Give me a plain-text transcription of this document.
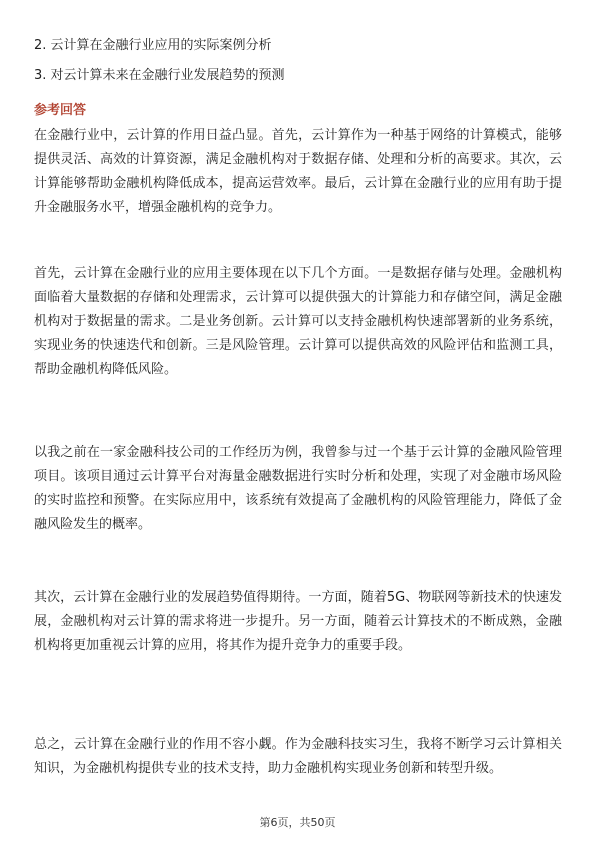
2. 云计算在金融行业应用的实际案例分析
3. 对云计算未来在金融行业发展趋势的预测
参考回答

在金融行业中，云计算的作用日益凸显。首先，云计算作为一种基于网络的计算模式，能够提供灵活、高效的计算资源，满足金融机构对于数据存储、处理和分析的高要求。其次，云计算能够帮助金融机构降低成本，提高运营效率。最后，云计算在金融行业的应用有助于提升金融服务水平，增强金融机构的竞争力。

首先，云计算在金融行业的应用主要体现在以下几个方面。一是数据存储与处理。金融机构面临着大量数据的存储和处理需求，云计算可以提供强大的计算能力和存储空间，满足金融机构对于数据量的需求。二是业务创新。云计算可以支持金融机构快速部署新的业务系统，实现业务的快速迭代和创新。三是风险管理。云计算可以提供高效的风险评估和监测工具，帮助金融机构降低风险。

以我之前在一家金融科技公司的工作经历为例，我曾参与过一个基于云计算的金融风险管理项目。该项目通过云计算平台对海量金融数据进行实时分析和处理，实现了对金融市场风险的实时监控和预警。在实际应用中，该系统有效提高了金融机构的风险管理能力，降低了金融风险发生的概率。

其次，云计算在金融行业的发展趋势值得期待。一方面，随着5G、物联网等新技术的快速发展，金融机构对云计算的需求将进一步提升。另一方面，随着云计算技术的不断成熟，金融机构将更加重视云计算的应用，将其作为提升竞争力的重要手段。

总之，云计算在金融行业的作用不容小觑。作为金融科技实习生，我将不断学习云计算相关知识，为金融机构提供专业的技术支持，助力金融机构实现业务创新和转型升级。

第6页，共50页
